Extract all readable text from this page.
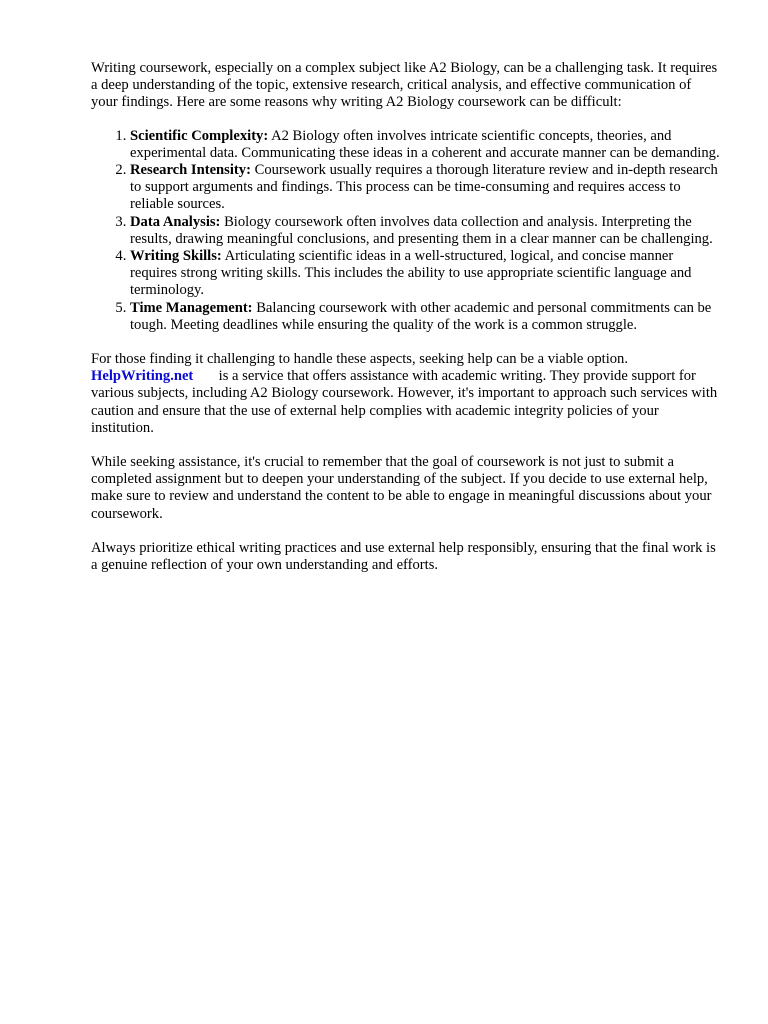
Writing coursework, especially on a complex subject like A2 Biology, can be a challenging task. It requires a deep understanding of the topic, extensive research, critical analysis, and effective communication of your findings. Here are some reasons why writing A2 Biology coursework can be difficult:

1. Scientific Complexity: A2 Biology often involves intricate scientific concepts, theories, and experimental data. Communicating these ideas in a coherent and accurate manner can be demanding.
2. Research Intensity: Coursework usually requires a thorough literature review and in-depth research to support arguments and findings. This process can be time-consuming and requires access to reliable sources.
3. Data Analysis: Biology coursework often involves data collection and analysis. Interpreting the results, drawing meaningful conclusions, and presenting them in a clear manner can be challenging.
4. Writing Skills: Articulating scientific ideas in a well-structured, logical, and concise manner requires strong writing skills. This includes the ability to use appropriate scientific language and terminology.
5. Time Management: Balancing coursework with other academic and personal commitments can be tough. Meeting deadlines while ensuring the quality of the work is a common struggle.

For those finding it challenging to handle these aspects, seeking help can be a viable option.
HelpWriting.net is a service that offers assistance with academic writing. They provide support for various subjects, including A2 Biology coursework. However, it's important to approach such services with caution and ensure that the use of external help complies with academic integrity policies of your institution.

While seeking assistance, it's crucial to remember that the goal of coursework is not just to submit a completed assignment but to deepen your understanding of the subject. If you decide to use external help, make sure to review and understand the content to be able to engage in meaningful discussions about your coursework.

Always prioritize ethical writing practices and use external help responsibly, ensuring that the final work is a genuine reflection of your own understanding and efforts.
